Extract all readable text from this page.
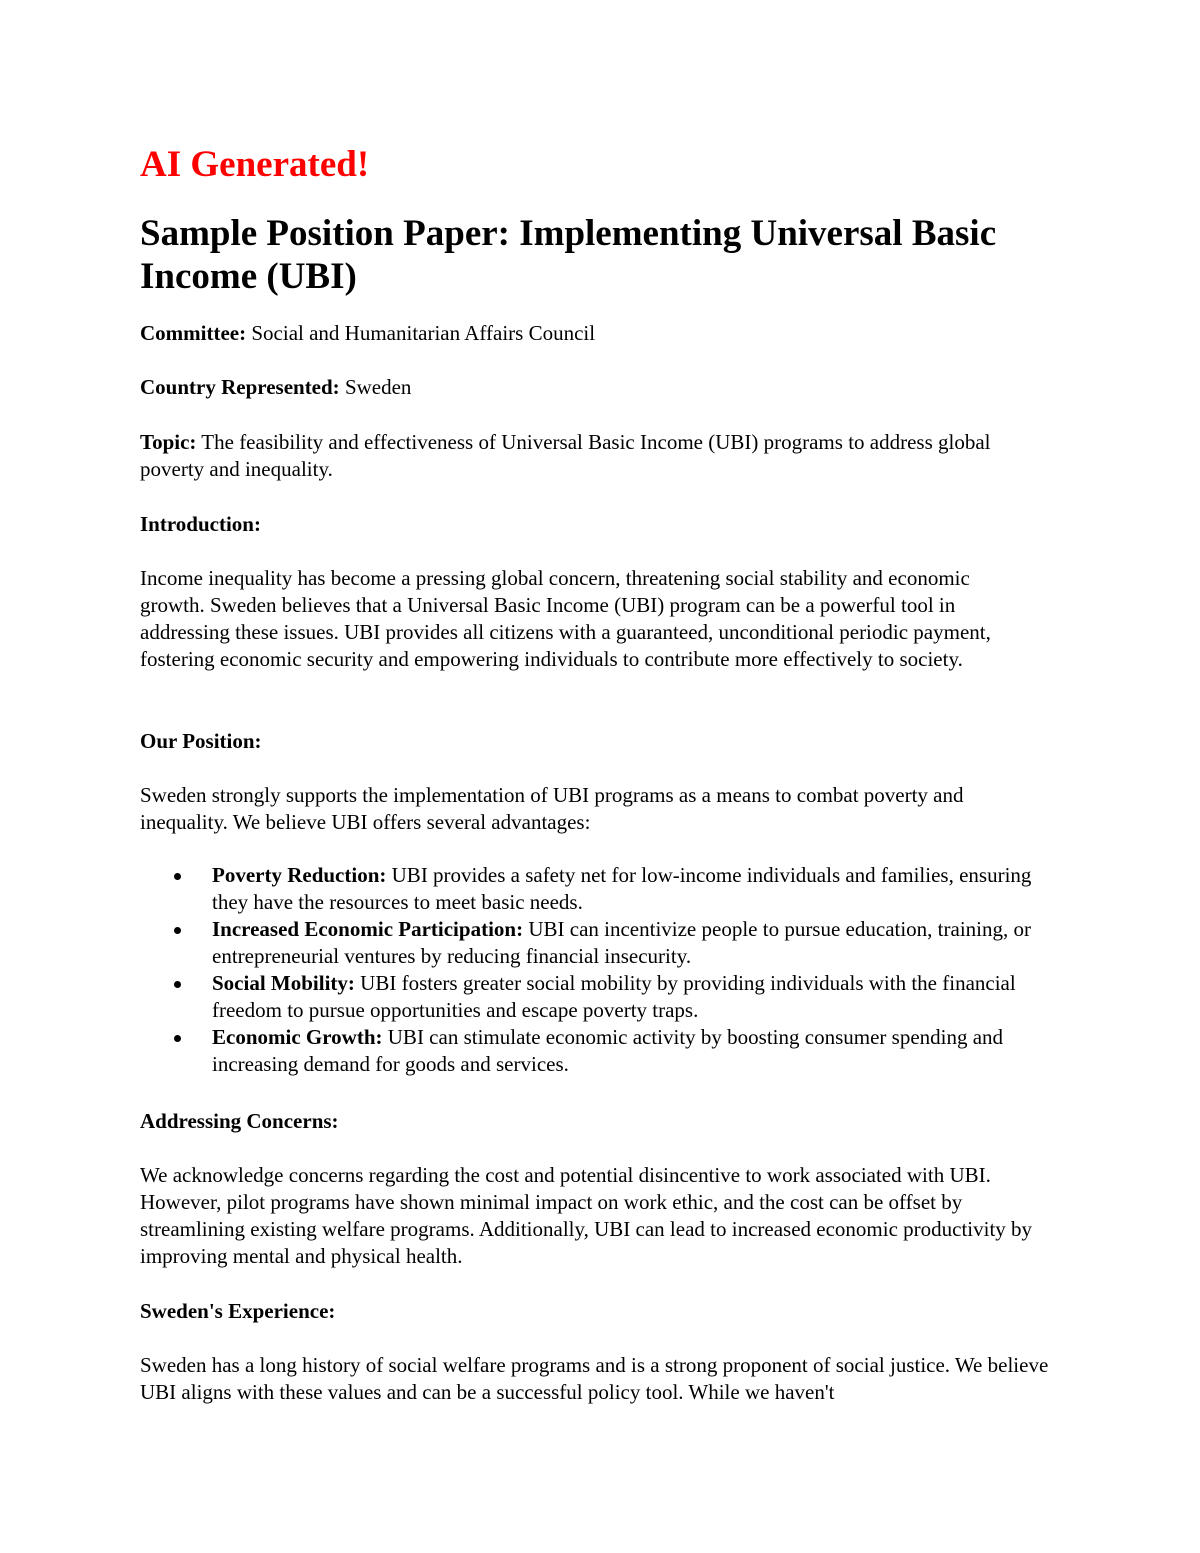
AI Generated!
Sample Position Paper: Implementing Universal Basic Income (UBI)

Committee: Social and Humanitarian Affairs Council

Country Represented: Sweden

Topic: The feasibility and effectiveness of Universal Basic Income (UBI) programs to address global poverty and inequality.

Introduction:

Income inequality has become a pressing global concern, threatening social stability and economic growth. Sweden believes that a Universal Basic Income (UBI) program can be a powerful tool in addressing these issues. UBI provides all citizens with a guaranteed, unconditional periodic payment, fostering economic security and empowering individuals to contribute more effectively to society.

Our Position:

Sweden strongly supports the implementation of UBI programs as a means to combat poverty and inequality. We believe UBI offers several advantages:

Poverty Reduction: UBI provides a safety net for low-income individuals and families, ensuring they have the resources to meet basic needs.
Increased Economic Participation: UBI can incentivize people to pursue education, training, or entrepreneurial ventures by reducing financial insecurity.
Social Mobility: UBI fosters greater social mobility by providing individuals with the financial freedom to pursue opportunities and escape poverty traps.
Economic Growth: UBI can stimulate economic activity by boosting consumer spending and increasing demand for goods and services.

Addressing Concerns:

We acknowledge concerns regarding the cost and potential disincentive to work associated with UBI. However, pilot programs have shown minimal impact on work ethic, and the cost can be offset by streamlining existing welfare programs. Additionally, UBI can lead to increased economic productivity by improving mental and physical health.

Sweden's Experience:

Sweden has a long history of social welfare programs and is a strong proponent of social justice. We believe UBI aligns with these values and can be a successful policy tool. While we haven't
